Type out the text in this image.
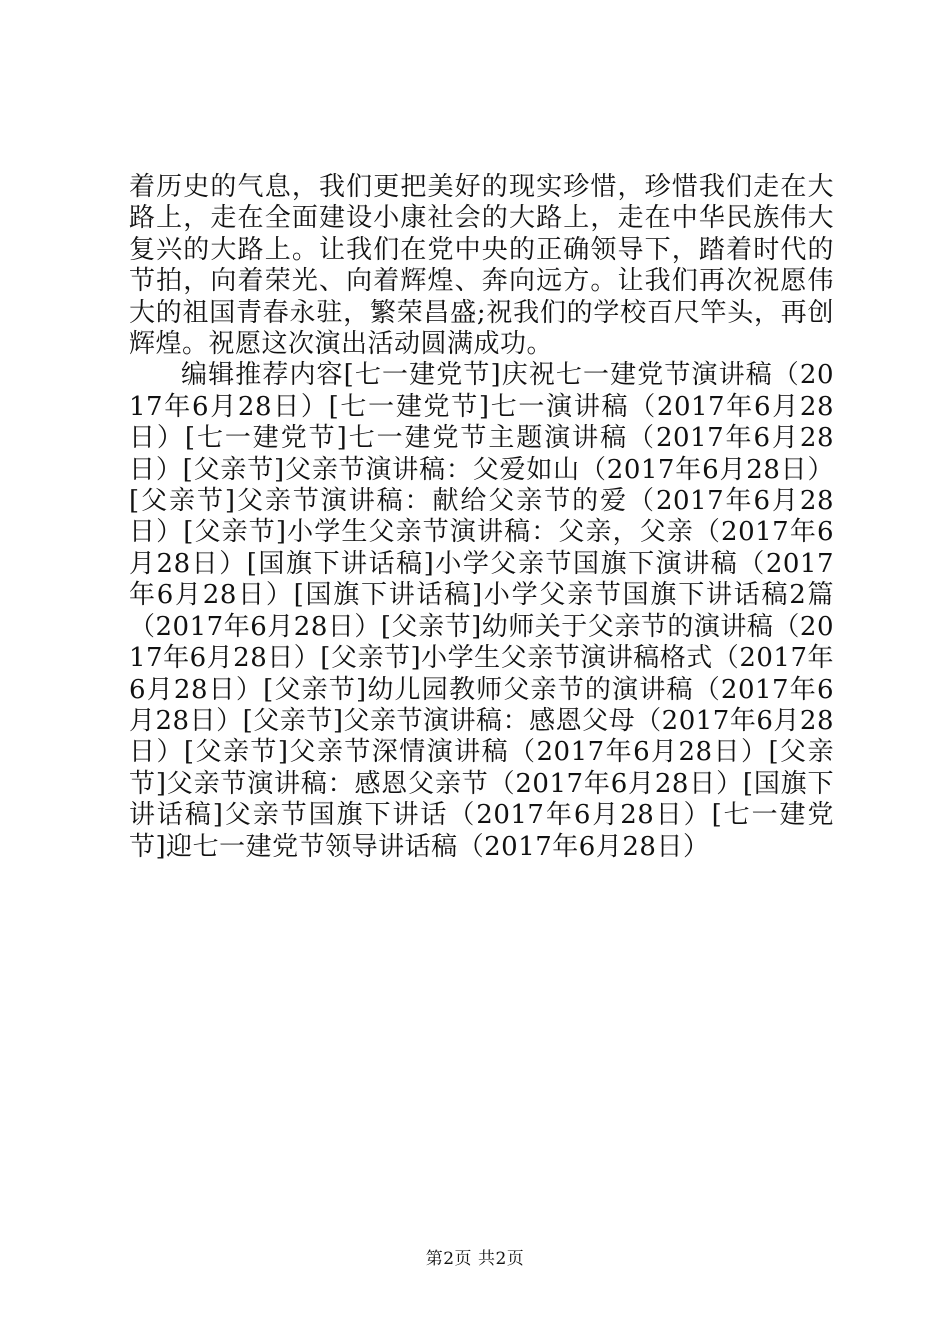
着历史的气息，我们更把美好的现实珍惜，珍惜我们走在大路上，走在全面建设小康社会的大路上，走在中华民族伟大复兴的大路上。让我们在党中央的正确领导下，踏着时代的节拍，向着荣光、向着辉煌、奔向远方。让我们再次祝愿伟大的祖国青春永驻，繁荣昌盛;祝我们的学校百尺竿头，再创辉煌。祝愿这次演出活动圆满成功。

编辑推荐内容[七一建党节]庆祝七一建党节演讲稿（2017年6月28日）[七一建党节]七一演讲稿（2017年6月28日）[七一建党节]七一建党节主题演讲稿（2017年6月28日）[父亲节]父亲节演讲稿：父爱如山（2017年6月28日）[父亲节]父亲节演讲稿：献给父亲节的爱（2017年6月28日）[父亲节]小学生父亲节演讲稿：父亲，父亲（2017年6月28日）[国旗下讲话稿]小学父亲节国旗下演讲稿（2017年6月28日）[国旗下讲话稿]小学父亲节国旗下讲话稿2篇（2017年6月28日）[父亲节]幼师关于父亲节的演讲稿（2017年6月28日）[父亲节]小学生父亲节演讲稿格式（2017年6月28日）[父亲节]幼儿园教师父亲节的演讲稿（2017年6月28日）[父亲节]父亲节演讲稿：感恩父母（2017年6月28日）[父亲节]父亲节深情演讲稿（2017年6月28日）[父亲节]父亲节演讲稿：感恩父亲节（2017年6月28日）[国旗下讲话稿]父亲节国旗下讲话（2017年6月28日）[七一建党节]迎七一建党节领导讲话稿（2017年6月28日）

第2页 共2页
